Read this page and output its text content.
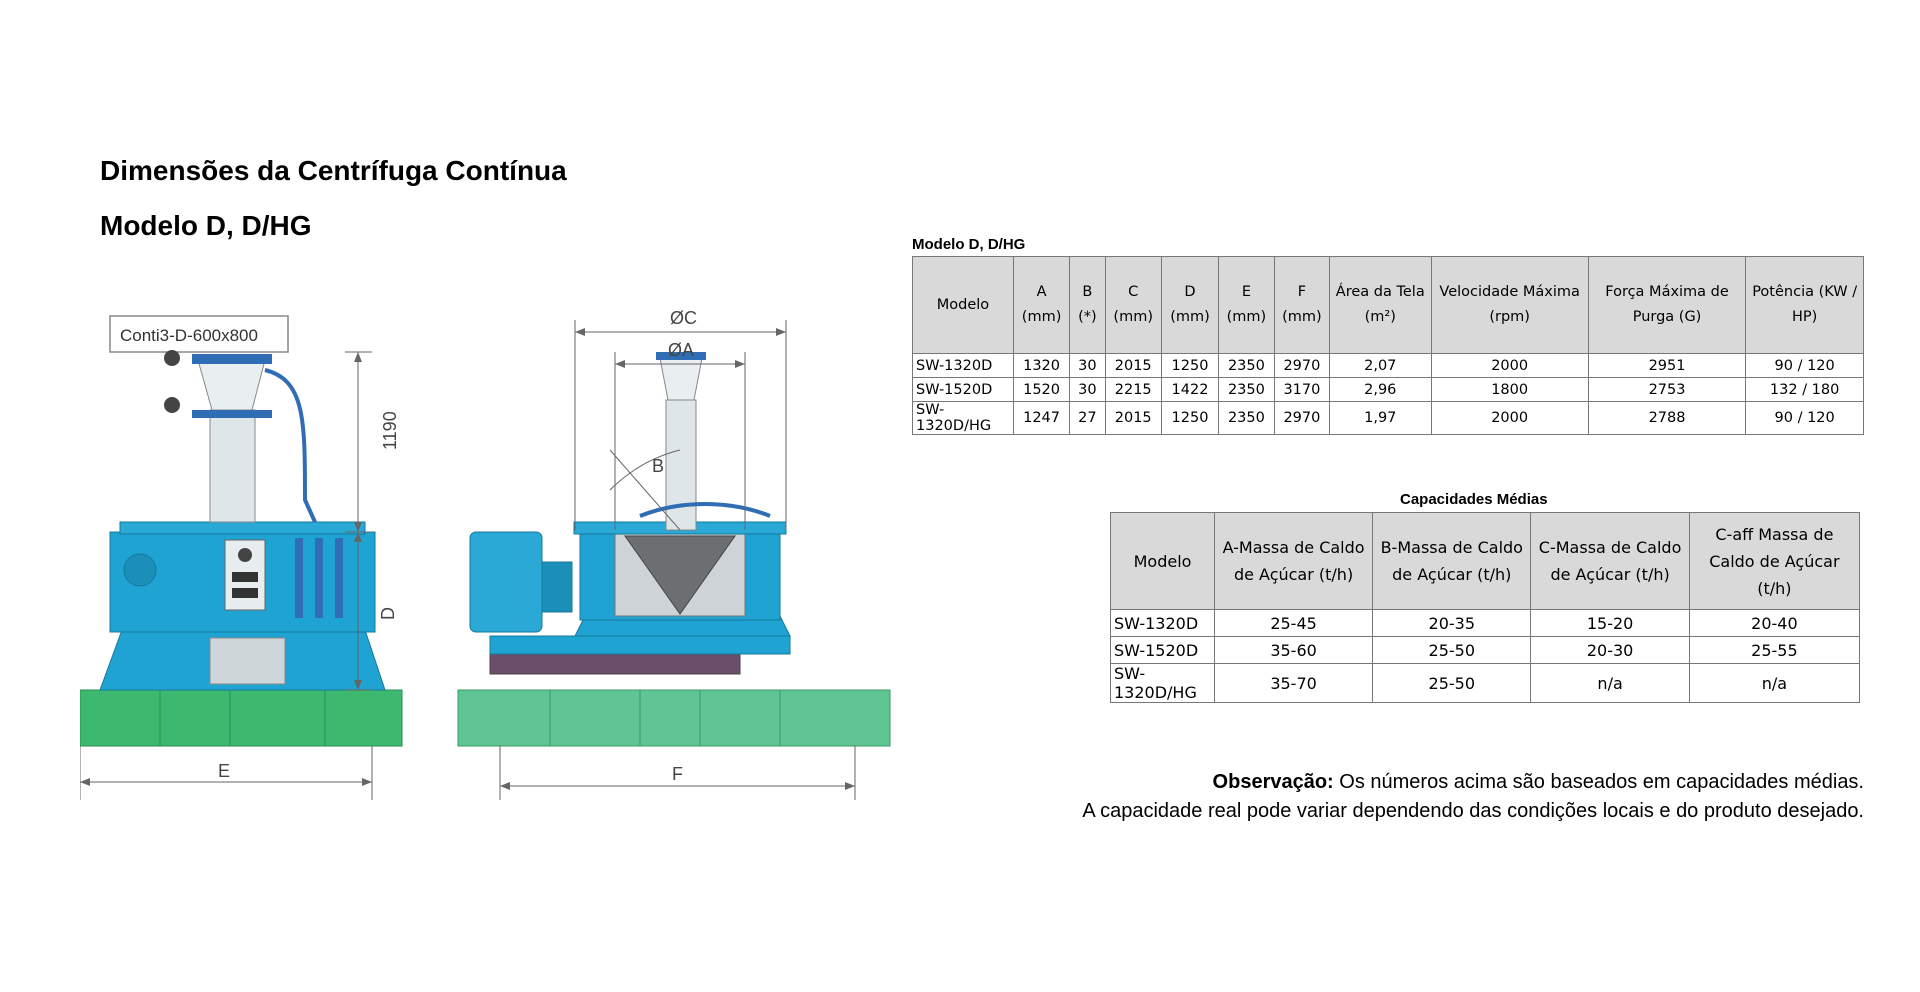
Dimensões da Centrífuga Contínua
Modelo D, D/HG
Conti3-D-600x800
1190
D
E
ØC
ØA
B
F
Modelo D, D/HG
Modelo	A (mm)	B (*)	C (mm)	D (mm)	E (mm)	F (mm)	Área da Tela (m²)	Velocidade Máxima (rpm)	Força Máxima de Purga (G)	Potência (KW / HP)
SW-1320D	1320	30	2015	1250	2350	2970	2,07	2000	2951	90 / 120
SW-1520D	1520	30	2215	1422	2350	3170	2,96	1800	2753	132 / 180
SW-1320D/HG	1247	27	2015	1250	2350	2970	1,97	2000	2788	90 / 120
Capacidades Médias
Modelo	A-Massa de Caldo de Açúcar (t/h)	B-Massa de Caldo de Açúcar (t/h)	C-Massa de Caldo de Açúcar (t/h)	C-aff Massa de Caldo de Açúcar (t/h)
SW-1320D	25-45	20-35	15-20	20-40
SW-1520D	35-60	25-50	20-30	25-55
SW-1320D/HG	35-70	25-50	n/a	n/a
Observação: Os números acima são baseados em capacidades médias.
A capacidade real pode variar dependendo das condições locais e do produto desejado.
